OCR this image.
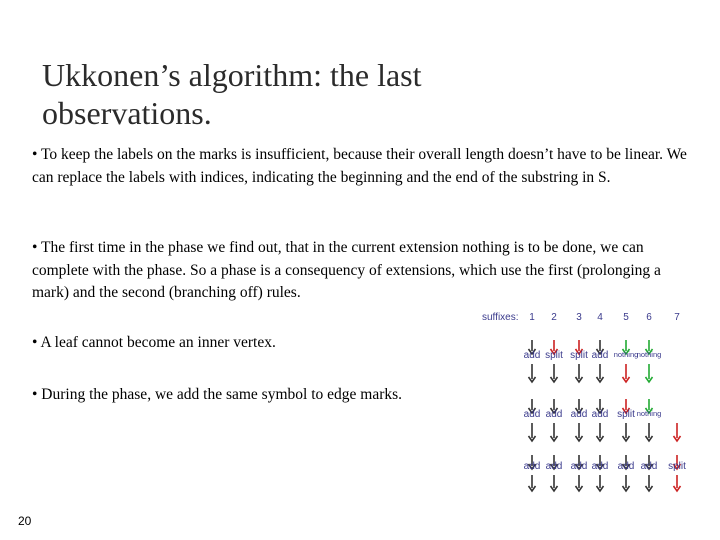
Ukkonen’s algorithm: the last
observations.
• To keep the labels on the marks is insufficient, because their overall length doesn’t have to be linear. We can replace the labels with indices, indicating the beginning and the end of the substring in S.
• The first time in the phase we find out, that in the current extension nothing is to be done, we can complete with the phase. So a phase is a consequency of extensions, which use the first (prolonging a mark) and the second (branching off) rules.
• A leaf cannot become an inner vertex.
• During the phase, we add the same symbol to edge marks.
suffixes: 1 2 3 4 5 6 7
add split split add nothing
nothing
add add add add split nothing
add add add add add add split
20
